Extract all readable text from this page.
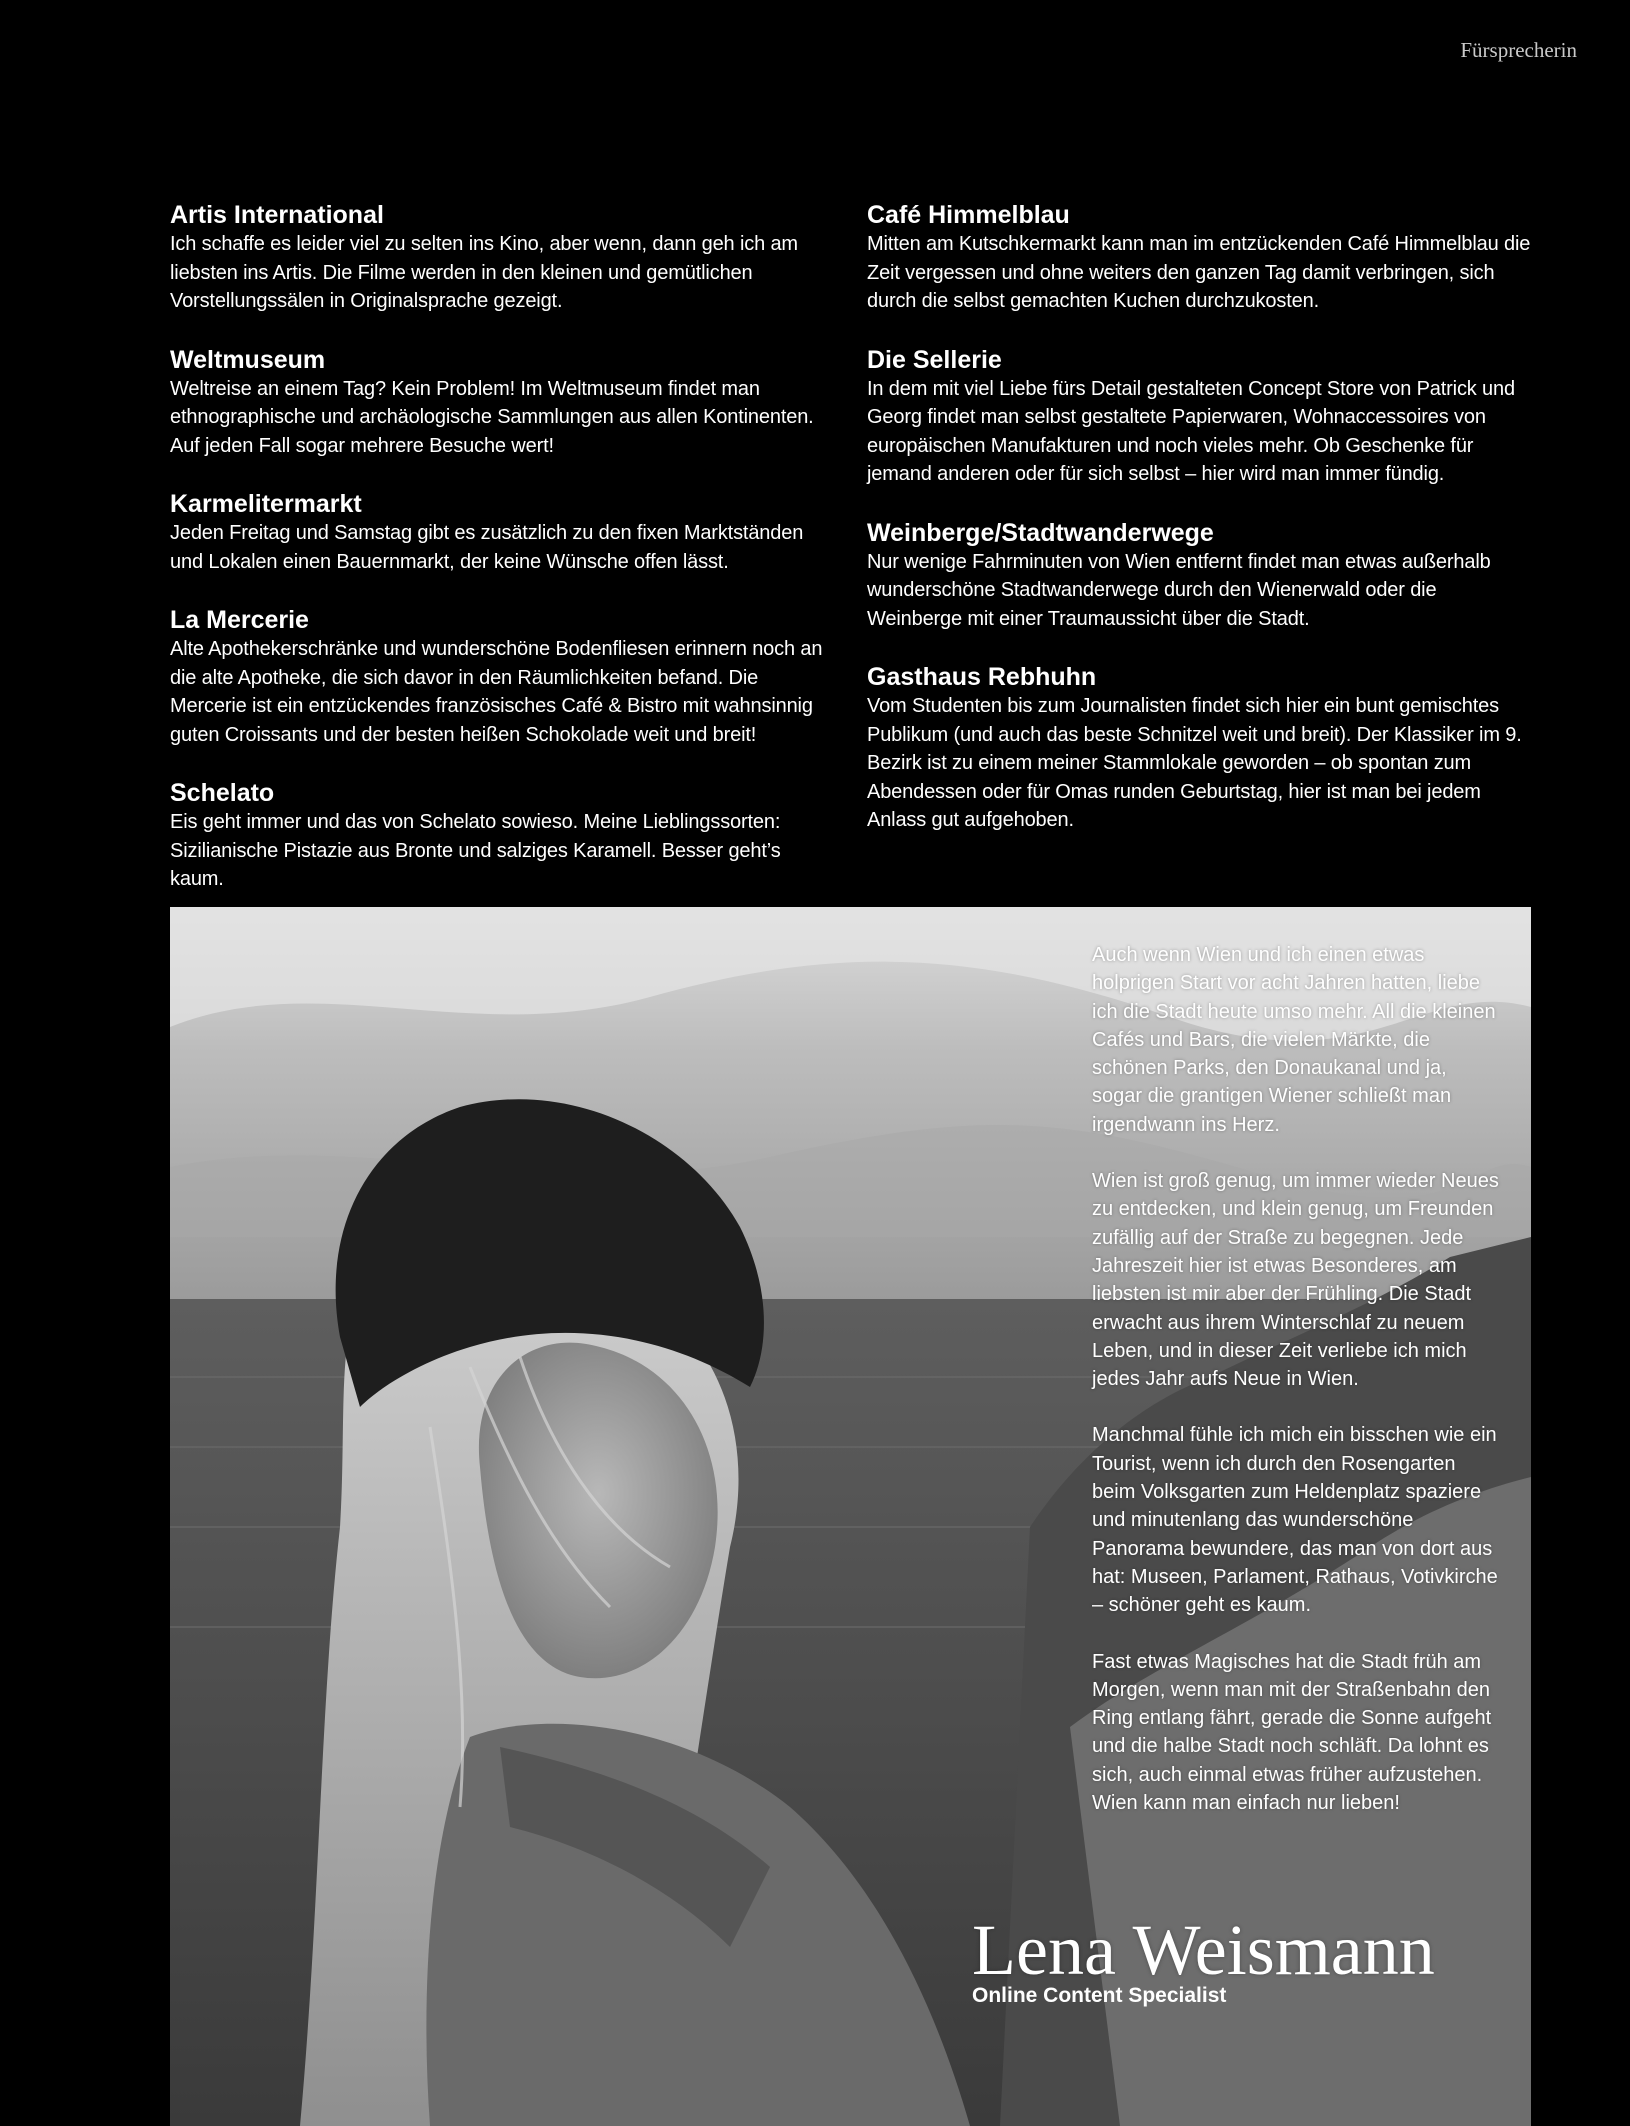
Fürsprecherin
Artis International

Ich schaffe es leider viel zu selten ins Kino, aber wenn, dann geh ich am liebsten ins Artis. Die Filme werden in den kleinen und gemütlichen Vorstellungssälen in Originalsprache gezeigt.

Weltmuseum

Weltreise an einem Tag? Kein Problem! Im Weltmuseum findet man ethnographische und archäologische Sammlungen aus allen Kontinenten. Auf jeden Fall sogar mehrere Besuche wert!

Karmelitermarkt

Jeden Freitag und Samstag gibt es zusätzlich zu den fixen Marktständen und Lokalen einen Bauernmarkt, der keine Wünsche offen lässt.

La Mercerie

Alte Apothekerschränke und wunderschöne Bodenfliesen erinnern noch an die alte Apotheke, die sich davor in den Räumlichkeiten befand. Die Mercerie ist ein entzückendes französisches Café & Bistro mit wahnsinnig guten Croissants und der besten heißen Schokolade weit und breit!

Schelato

Eis geht immer und das von Schelato sowieso. Meine Lieblingssorten: Sizilianische Pistazie aus Bronte und salziges Karamell. Besser geht’s kaum.

Café Himmelblau

Mitten am Kutschkermarkt kann man im entzückenden Café Himmelblau die Zeit vergessen und ohne weiters den ganzen Tag damit verbringen, sich durch die selbst gemachten Kuchen durchzukosten.

Die Sellerie

In dem mit viel Liebe fürs Detail gestalteten Concept Store von Patrick und Georg findet man selbst gestaltete Papierwaren, Wohnaccessoires von europäischen Manufakturen und noch vieles mehr. Ob Geschenke für jemand anderen oder für sich selbst – hier wird man immer fündig.

Weinberge/Stadtwanderwege

Nur wenige Fahrminuten von Wien entfernt findet man etwas außerhalb wunderschöne Stadtwanderwege durch den Wienerwald oder die Weinberge mit einer Traumaussicht über die Stadt.

Gasthaus Rebhuhn

Vom Studenten bis zum Journalisten findet sich hier ein bunt gemischtes Publikum (und auch das beste Schnitzel weit und breit). Der Klassiker im 9. Bezirk ist zu einem meiner Stammlokale geworden – ob spontan zum Abendessen oder für Omas runden Geburtstag, hier ist man bei jedem Anlass gut aufgehoben.

Auch wenn Wien und ich einen etwas holprigen Start vor acht Jahren hatten, liebe ich die Stadt heute umso mehr. All die kleinen Cafés und Bars, die vielen Märkte, die schönen Parks, den Donaukanal und ja, sogar die grantigen Wiener schließt man irgendwann ins Herz.

Wien ist groß genug, um immer wieder Neues zu entdecken, und klein genug, um Freunden zufällig auf der Straße zu begegnen. Jede Jahreszeit hier ist etwas Besonderes, am liebsten ist mir aber der Frühling. Die Stadt erwacht aus ihrem Winterschlaf zu neuem Leben, und in dieser Zeit verliebe ich mich jedes Jahr aufs Neue in Wien.

Manchmal fühle ich mich ein bisschen wie ein Tourist, wenn ich durch den Rosengarten beim Volksgarten zum Heldenplatz spaziere und minutenlang das wunderschöne Panorama bewundere, das man von dort aus hat: Museen, Parlament, Rathaus, Votivkirche – schöner geht es kaum.

Fast etwas Magisches hat die Stadt früh am Morgen, wenn man mit der Straßenbahn den Ring entlang fährt, gerade die Sonne aufgeht und die halbe Stadt noch schläft. Da lohnt es sich, auch einmal etwas früher aufzustehen. Wien kann man einfach nur lieben!

Lena Weismann
Online Content Specialist
